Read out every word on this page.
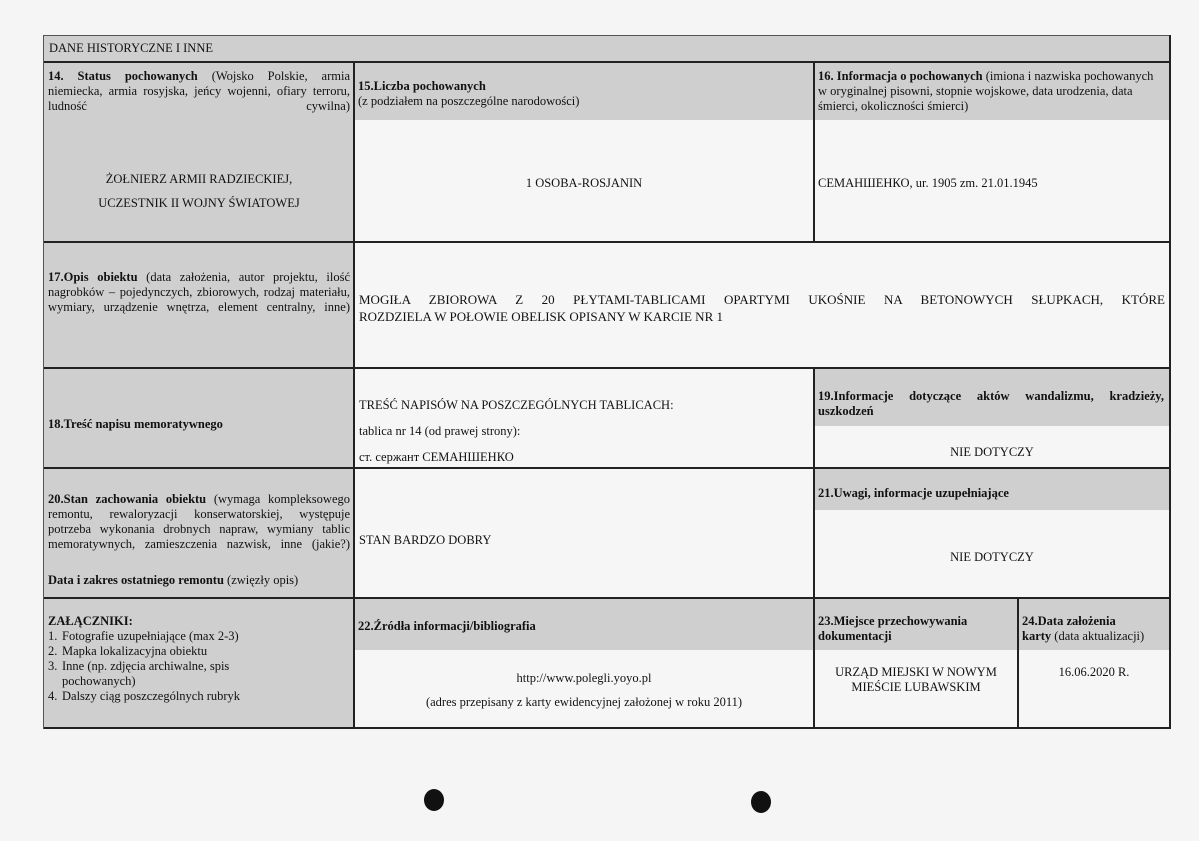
DANE HISTORYCZNE I INNE
14. Status pochowanych (Wojsko Polskie, armia niemiecka, armia rosyjska, jeńcy wojenni, ofiary terroru, ludność cywilna)
ŻOŁNIERZ ARMII RADZIECKIEJ,
UCZESTNIK II WOJNY ŚWIATOWEJ
15.Liczba pochowanych
(z podziałem na poszczególne narodowości)
1 OSOBA-ROSJANIN
16. Informacja o pochowanych (imiona i nazwiska pochowanych w oryginalnej pisowni, stopnie wojskowe, data urodzenia, data śmierci, okoliczności śmierci)
СЕМАНШЕНКО, ur. 1905 zm. 21.01.1945
17.Opis obiektu (data założenia, autor projektu, ilość nagrobków – pojedynczych, zbiorowych, rodzaj materiału, wymiary, urządzenie wnętrza, element centralny, inne) MOGIŁA ZBIOROWA Z 20 PŁYTAMI-TABLICAMI OPARTYMI UKOŚNIE NA BETONOWYCH SŁUPKACH, KTÓRE
ROZDZIELA W POŁOWIE OBELISK OPISANY W KARCIE NR 1
18.Treść napisu memoratywnego
TREŚĆ NAPISÓW NA POSZCZEGÓLNYCH TABLICACH:
tablica nr 14 (od prawej strony):
ст. сержант СЕМАНШЕНКО
19.Informacje dotyczące aktów wandalizmu, kradzieży, uszkodzeń
NIE DOTYCZY
20.Stan zachowania obiektu (wymaga kompleksowego remontu, rewaloryzacji konserwatorskiej, występuje potrzeba wykonania drobnych napraw, wymiany tablic memoratywnych, zamieszczenia nazwisk, inne (jakie?)
Data i zakres ostatniego remontu (zwięzły opis)
STAN BARDZO DOBRY
21.Uwagi, informacje uzupełniające
NIE DOTYCZY
ZAŁĄCZNIKI:
1. Fotografie uzupełniające (max 2-3)
2. Mapka lokalizacyjna obiektu
3. Inne (np. zdjęcia archiwalne, spis pochowanych)
4. Dalszy ciąg poszczególnych rubryk
22.Źródła informacji/bibliografia
http://www.polegli.yoyo.pl
(adres przepisany z karty ewidencyjnej założonej w roku 2011)
23.Miejsce przechowywania
dokumentacji
URZĄD MIEJSKI W NOWYM
MIEŚCIE LUBAWSKIM
24.Data założenia
karty (data aktualizacji)
16.06.2020 R.
